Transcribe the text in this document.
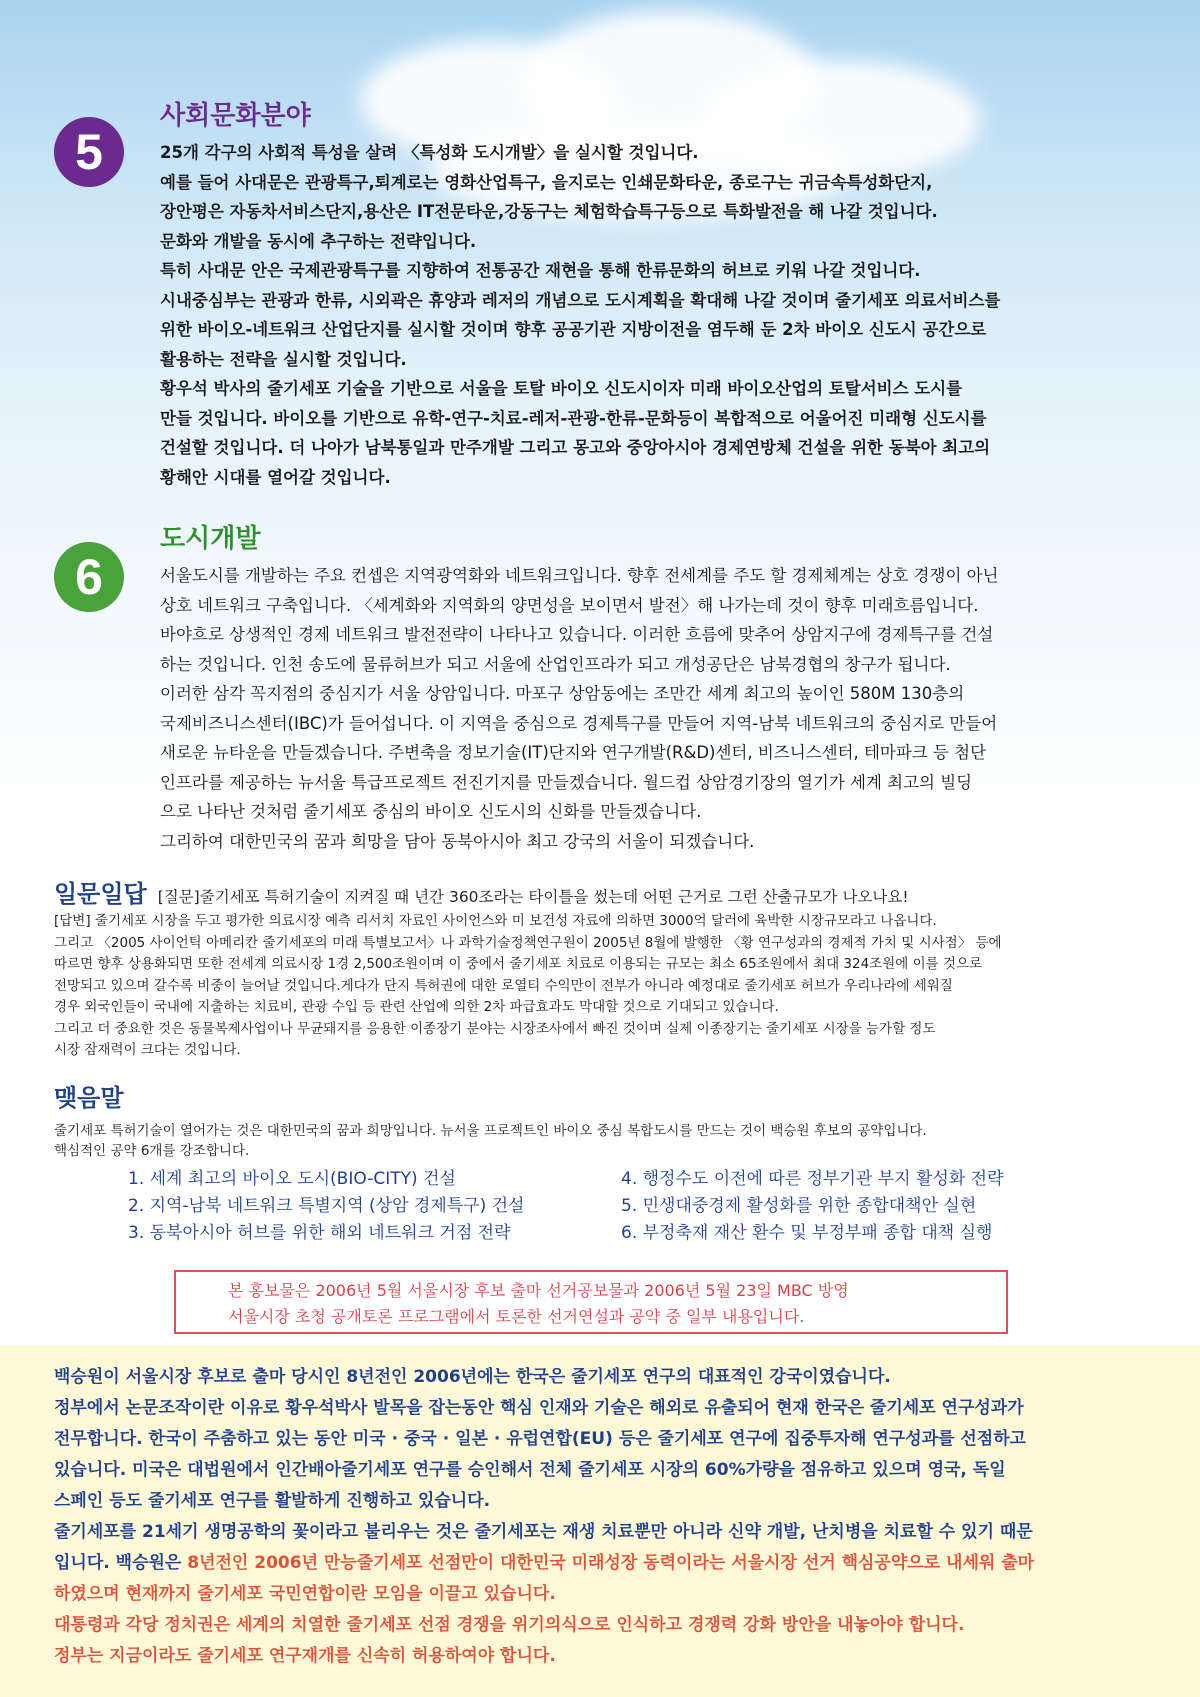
5
사회문화분야

25개 각구의 사회적 특성을 살려 〈특성화 도시개발〉을 실시할 것입니다.

예를 들어 사대문은 관광특구,퇴계로는 영화산업특구, 을지로는 인쇄문화타운, 종로구는 귀금속특성화단지,

장안평은 자동차서비스단지,용산은 IT전문타운,강동구는 체험학습특구등으로 특화발전을 해 나갈 것입니다.

문화와 개발을 동시에 추구하는 전략입니다.

특히 사대문 안은 국제관광특구를 지향하여 전통공간 재현을 통해 한류문화의 허브로 키워 나갈 것입니다.

시내중심부는 관광과 한류, 시외곽은 휴양과 레저의 개념으로 도시계획을 확대해 나갈 것이며 줄기세포 의료서비스를

위한 바이오-네트워크 산업단지를 실시할 것이며 향후 공공기관 지방이전을 염두해 둔 2차 바이오 신도시 공간으로

활용하는 전략을 실시할 것입니다.

황우석 박사의 줄기세포 기술을 기반으로 서울을 토탈 바이오 신도시이자 미래 바이오산업의 토탈서비스 도시를

만들 것입니다. 바이오를 기반으로 유학-연구-치료-레저-관광-한류-문화등이 복합적으로 어울어진 미래형 신도시를

건설할 것입니다. 더 나아가 남북통일과 만주개발 그리고 몽고와 중앙아시아 경제연방체 건설을 위한 동북아 최고의

황해안 시대를 열어갈 것입니다.

6
도시개발

서울도시를 개발하는 주요 컨셉은 지역광역화와 네트워크입니다. 향후 전세계를 주도 할 경제체계는 상호 경쟁이 아닌

상호 네트워크 구축입니다. 〈세계화와 지역화의 양면성을 보이면서 발전〉해 나가는데 것이 향후 미래흐름입니다.

바야흐로 상생적인 경제 네트워크 발전전략이 나타나고 있습니다. 이러한 흐름에 맞추어 상암지구에 경제특구를 건설

하는 것입니다. 인천 송도에 물류허브가 되고 서울에 산업인프라가 되고 개성공단은 남북경협의 창구가 됩니다.

이러한 삼각 꼭지점의 중심지가 서울 상암입니다. 마포구 상암동에는 조만간 세계 최고의 높이인 580M 130층의

국제비즈니스센터(IBC)가 들어섭니다. 이 지역을 중심으로 경제특구를 만들어 지역-남북 네트워크의 중심지로 만들어

새로운 뉴타운을 만들겠습니다. 주변축을 정보기술(IT)단지와 연구개발(R&D)센터, 비즈니스센터, 테마파크 등 첨단

인프라를 제공하는 뉴서울 특급프로젝트 전진기지를 만들겠습니다. 월드컵 상암경기장의 열기가 세계 최고의 빌딩

으로 나타난 것처럼 줄기세포 중심의 바이오 신도시의 신화를 만들겠습니다.

그리하여 대한민국의 꿈과 희망을 담아 동북아시아 최고 강국의 서울이 되겠습니다.

일문일답 [질문]줄기세포 특허기술이 지켜질 때 년간 360조라는 타이틀을 썼는데 어떤 근거로 그런 산출규모가 나오나요!

[답변] 줄기세포 시장을 두고 평가한 의료시장 예측 리서치 자료인 사이언스와 미 보건성 자료에 의하면 3000억 달러에 육박한 시장규모라고 나옵니다.

그리고 〈2005 사이언틱 아메리칸 줄기세포의 미래 특별보고서〉나 과학기술정책연구원이 2005년 8월에 발행한 〈황 연구성과의 경제적 가치 및 시사점〉 등에

따르면 향후 상용화되면 또한 전세계 의료시장 1경 2,500조원이며 이 중에서 줄기세포 치료로 이용되는 규모는 최소 65조원에서 최대 324조원에 이를 것으로

전망되고 있으며 갈수록 비중이 늘어날 것입니다.게다가 단지 특허권에 대한 로열티 수익만이 전부가 아니라 예정대로 줄기세포 허브가 우리나라에 세워질

경우 외국인들이 국내에 지출하는 치료비, 관광 수입 등 관련 산업에 의한 2차 파급효과도 막대할 것으로 기대되고 있습니다.

그리고 더 중요한 것은 동물복제사업이나 무균돼지를 응용한 이종장기 분야는 시장조사에서 빠진 것이며 실제 이종장기는 줄기세포 시장을 능가할 정도

시장 잠재력이 크다는 것입니다.

맺음말

줄기세포 특허기술이 열어가는 것은 대한민국의 꿈과 희망입니다. 뉴서울 프로젝트인 바이오 중심 복합도시를 만드는 것이 백승원 후보의 공약입니다.

핵심적인 공약 6개를 강조합니다.

1. 세계 최고의 바이오 도시(BIO-CITY) 건설
2. 지역-남북 네트워크 특별지역 (상암 경제특구) 건설
3. 동북아시아 허브를 위한 해외 네트워크 거점 전략
4. 행정수도 이전에 따른 정부기관 부지 활성화 전략
5. 민생대중경제 활성화를 위한 종합대책안 실현
6. 부정축재 재산 환수 및 부정부패 종합 대책 실행
본 홍보물은 2006년 5월 서울시장 후보 출마 선거공보물과 2006년 5월 23일 MBC 방영
서울시장 초청 공개토론 프로그램에서 토론한 선거연설과 공약 중 일부 내용입니다.

백승원이 서울시장 후보로 출마 당시인 8년전인 2006년에는 한국은 줄기세포 연구의 대표적인 강국이였습니다.

정부에서 논문조작이란 이유로 황우석박사 발목을 잡는동안 핵심 인재와 기술은 해외로 유출되어 현재 한국은 줄기세포 연구성과가

전무합니다. 한국이 주춤하고 있는 동안 미국 · 중국 · 일본 · 유럽연합(EU) 등은 줄기세포 연구에 집중투자해 연구성과를 선점하고

있습니다. 미국은 대법원에서 인간배아줄기세포 연구를 승인해서 전체 줄기세포 시장의 60%가량을 점유하고 있으며 영국, 독일

스페인 등도 줄기세포 연구를 활발하게 진행하고 있습니다.

줄기세포를 21세기 생명공학의 꽃이라고 불리우는 것은 줄기세포는 재생 치료뿐만 아니라 신약 개발, 난치병을 치료할 수 있기 때문

입니다. 백승원은 8년전인 2006년 만능줄기세포 선점만이 대한민국 미래성장 동력이라는 서울시장 선거 핵심공약으로 내세워 출마

하였으며 현재까지 줄기세포 국민연합이란 모임을 이끌고 있습니다.

대통령과 각당 정치권은 세계의 치열한 줄기세포 선점 경쟁을 위기의식으로 인식하고 경쟁력 강화 방안을 내놓아야 합니다.

정부는 지금이라도 줄기세포 연구재개를 신속히 허용하여야 합니다.
